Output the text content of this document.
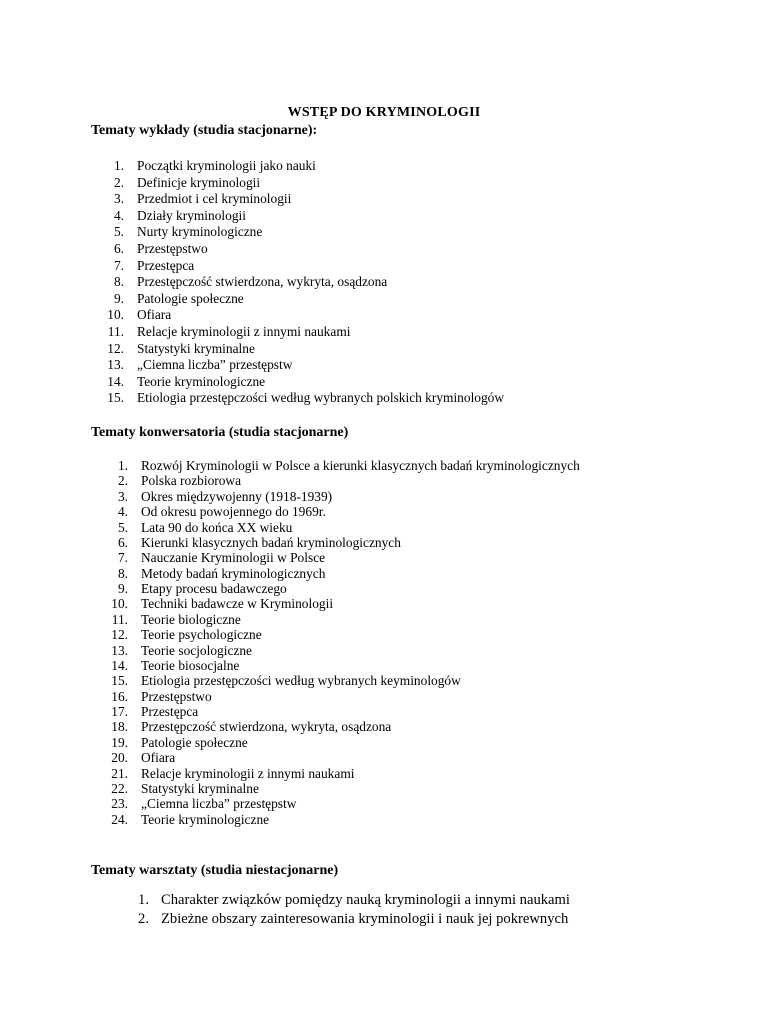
WSTĘP DO KRYMINOLOGII
Tematy wykłady (studia stacjonarne):
1. Początki kryminologii jako nauki
2. Definicje kryminologii
3. Przedmiot i cel kryminologii
4. Działy kryminologii
5. Nurty kryminologiczne
6. Przestępstwo
7. Przestępca
8. Przestępczość stwierdzona, wykryta, osądzona
9. Patologie społeczne
10. Ofiara
11. Relacje kryminologii z innymi naukami
12. Statystyki kryminalne
13. „Ciemna liczba” przestępstw
14. Teorie kryminologiczne
15. Etiologia przestępczości według wybranych polskich kryminologów
Tematy konwersatoria (studia stacjonarne)
1. Rozwój Kryminologii w Polsce a kierunki klasycznych badań kryminologicznych
2. Polska rozbiorowa
3. Okres międzywojenny (1918-1939)
4. Od okresu powojennego do 1969r.
5. Lata 90 do końca XX wieku
6. Kierunki klasycznych badań kryminologicznych
7. Nauczanie Kryminologii w Polsce
8. Metody badań kryminologicznych
9. Etapy procesu badawczego
10. Techniki badawcze w Kryminologii
11. Teorie biologiczne
12. Teorie psychologiczne
13. Teorie socjologiczne
14. Teorie biosocjalne
15. Etiologia przestępczości według wybranych keyminologów
16. Przestępstwo
17. Przestępca
18. Przestępczość stwierdzona, wykryta, osądzona
19. Patologie społeczne
20. Ofiara
21. Relacje kryminologii z innymi naukami
22. Statystyki kryminalne
23. „Ciemna liczba” przestępstw
24. Teorie kryminologiczne
Tematy warsztaty (studia niestacjonarne)
1. Charakter związków pomiędzy nauką kryminologii a innymi naukami
2. Zbieżne obszary zainteresowania kryminologii i nauk jej pokrewnych
